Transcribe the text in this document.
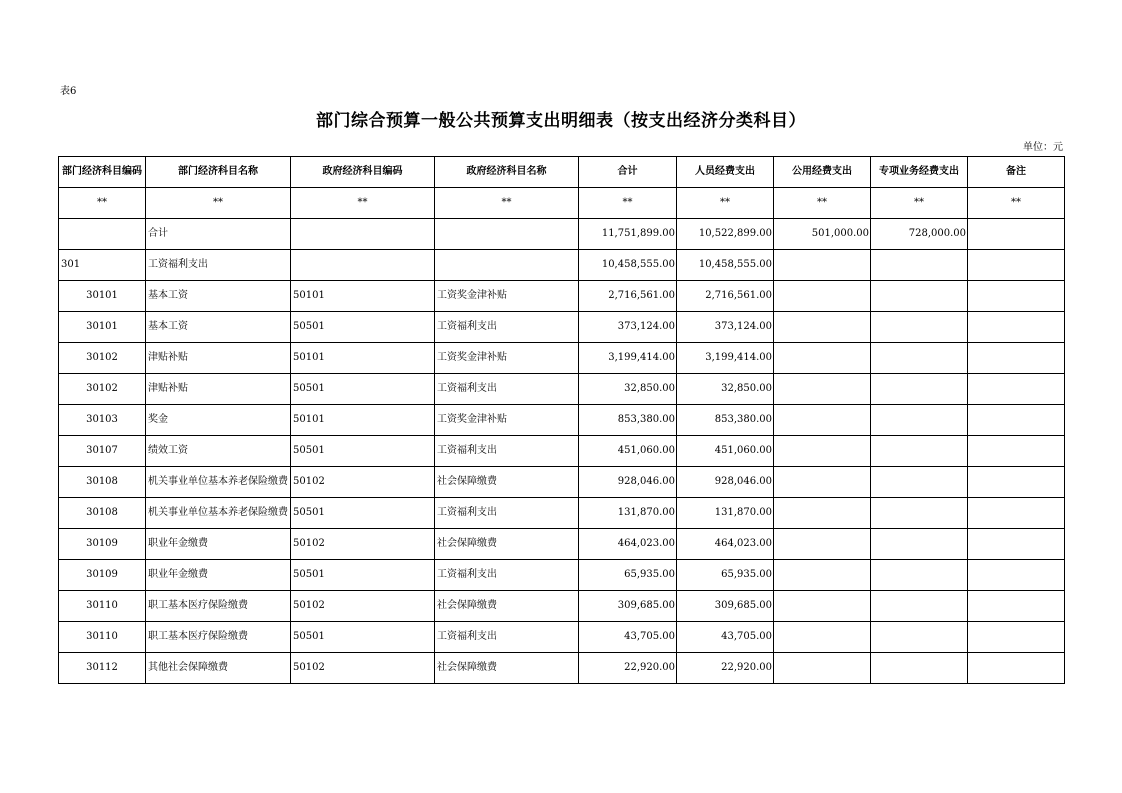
表6
部门综合预算一般公共预算支出明细表（按支出经济分类科目）
单位：元
部门经济科目编码	部门经济科目名称	政府经济科目编码	政府经济科目名称	合计	人员经费支出	公用经费支出	专项业务经费支出	备注
**	**	**	**	**	**	**	**	**
	合计			11,751,899.00	10,522,899.00	501,000.00	728,000.00	
301	工资福利支出			10,458,555.00	10,458,555.00			
30101	基本工资	50101	工资奖金津补贴	2,716,561.00	2,716,561.00			
30101	基本工资	50501	工资福利支出	373,124.00	373,124.00			
30102	津贴补贴	50101	工资奖金津补贴	3,199,414.00	3,199,414.00			
30102	津贴补贴	50501	工资福利支出	32,850.00	32,850.00			
30103	奖金	50101	工资奖金津补贴	853,380.00	853,380.00			
30107	绩效工资	50501	工资福利支出	451,060.00	451,060.00			
30108	机关事业单位基本养老保险缴费	50102	社会保障缴费	928,046.00	928,046.00			
30108	机关事业单位基本养老保险缴费	50501	工资福利支出	131,870.00	131,870.00			
30109	职业年金缴费	50102	社会保障缴费	464,023.00	464,023.00			
30109	职业年金缴费	50501	工资福利支出	65,935.00	65,935.00			
30110	职工基本医疗保险缴费	50102	社会保障缴费	309,685.00	309,685.00			
30110	职工基本医疗保险缴费	50501	工资福利支出	43,705.00	43,705.00			
30112	其他社会保障缴费	50102	社会保障缴费	22,920.00	22,920.00			
